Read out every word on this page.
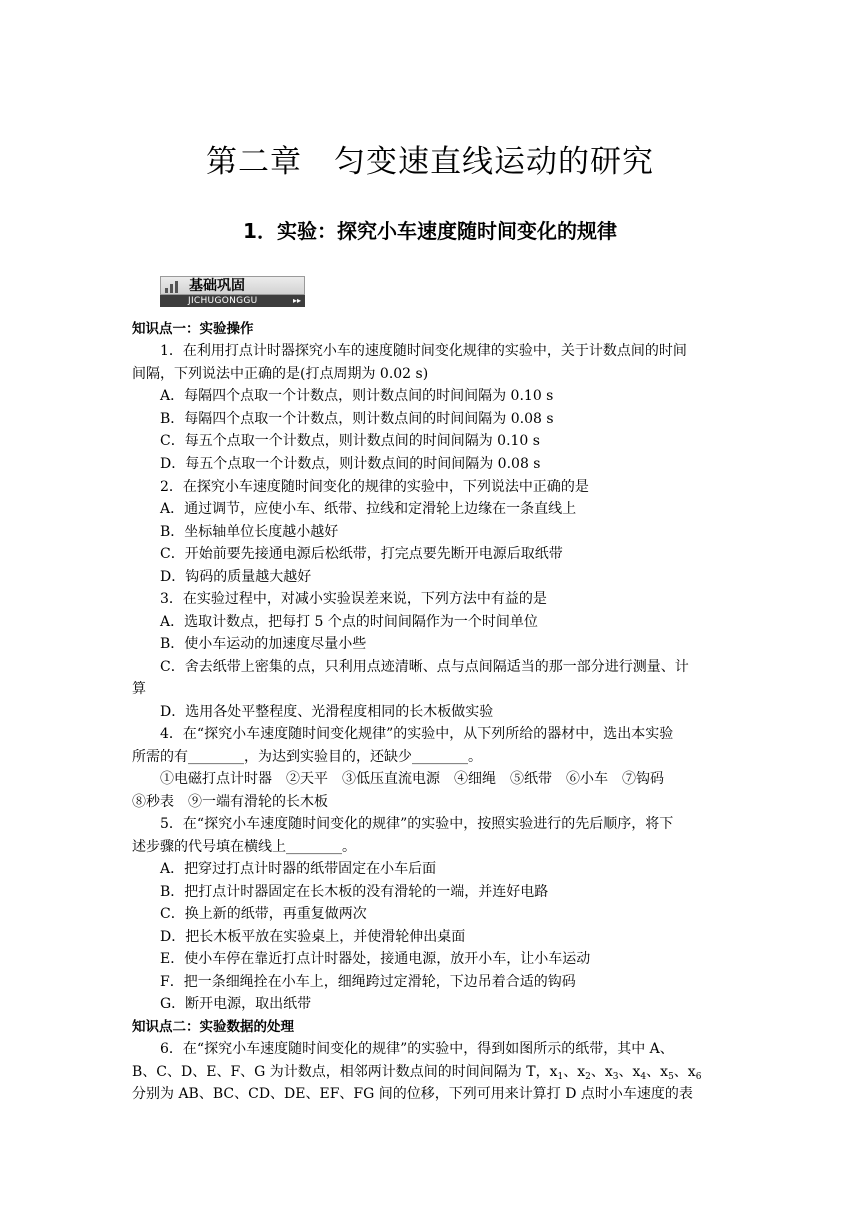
第二章　匀变速直线运动的研究
1．实验：探究小车速度随时间变化的规律
基础巩固
JICHUGONGGU	▸▸
知识点一：实验操作
1．在利用打点计时器探究小车的速度随时间变化规律的实验中，关于计数点间的时间
间隔，下列说法中正确的是(打点周期为 0.02 s)
A．每隔四个点取一个计数点，则计数点间的时间间隔为 0.10 s
B．每隔四个点取一个计数点，则计数点间的时间间隔为 0.08 s
C．每五个点取一个计数点，则计数点间的时间间隔为 0.10 s
D．每五个点取一个计数点，则计数点间的时间间隔为 0.08 s
2．在探究小车速度随时间变化的规律的实验中，下列说法中正确的是
A．通过调节，应使小车、纸带、拉线和定滑轮上边缘在一条直线上
B．坐标轴单位长度越小越好
C．开始前要先接通电源后松纸带，打完点要先断开电源后取纸带
D．钩码的质量越大越好
3．在实验过程中，对减小实验误差来说，下列方法中有益的是
A．选取计数点，把每打 5 个点的时间间隔作为一个时间单位
B．使小车运动的加速度尽量小些
C．舍去纸带上密集的点，只利用点迹清晰、点与点间隔适当的那一部分进行测量、计
算
D．选用各处平整程度、光滑程度相同的长木板做实验
4．在“探究小车速度随时间变化规律”的实验中，从下列所给的器材中，选出本实验
所需的有________，为达到实验目的，还缺少________。
①电磁打点计时器　②天平　③低压直流电源　④细绳　⑤纸带　⑥小车　⑦钩码
⑧秒表　⑨一端有滑轮的长木板
5．在“探究小车速度随时间变化的规律”的实验中，按照实验进行的先后顺序，将下
述步骤的代号填在横线上________。
A．把穿过打点计时器的纸带固定在小车后面
B．把打点计时器固定在长木板的没有滑轮的一端，并连好电路
C．换上新的纸带，再重复做两次
D．把长木板平放在实验桌上，并使滑轮伸出桌面
E．使小车停在靠近打点计时器处，接通电源，放开小车，让小车运动
F．把一条细绳拴在小车上，细绳跨过定滑轮，下边吊着合适的钩码
G．断开电源，取出纸带
知识点二：实验数据的处理
6．在“探究小车速度随时间变化的规律”的实验中，得到如图所示的纸带，其中 A、
B、C、D、E、F、G 为计数点，相邻两计数点间的时间间隔为 T，$x_1$、$x_2$、$x_3$、$x_4$、$x_5$、$x_6$
分别为 AB、BC、CD、DE、EF、FG 间的位移，下列可用来计算打 D 点时小车速度的表
